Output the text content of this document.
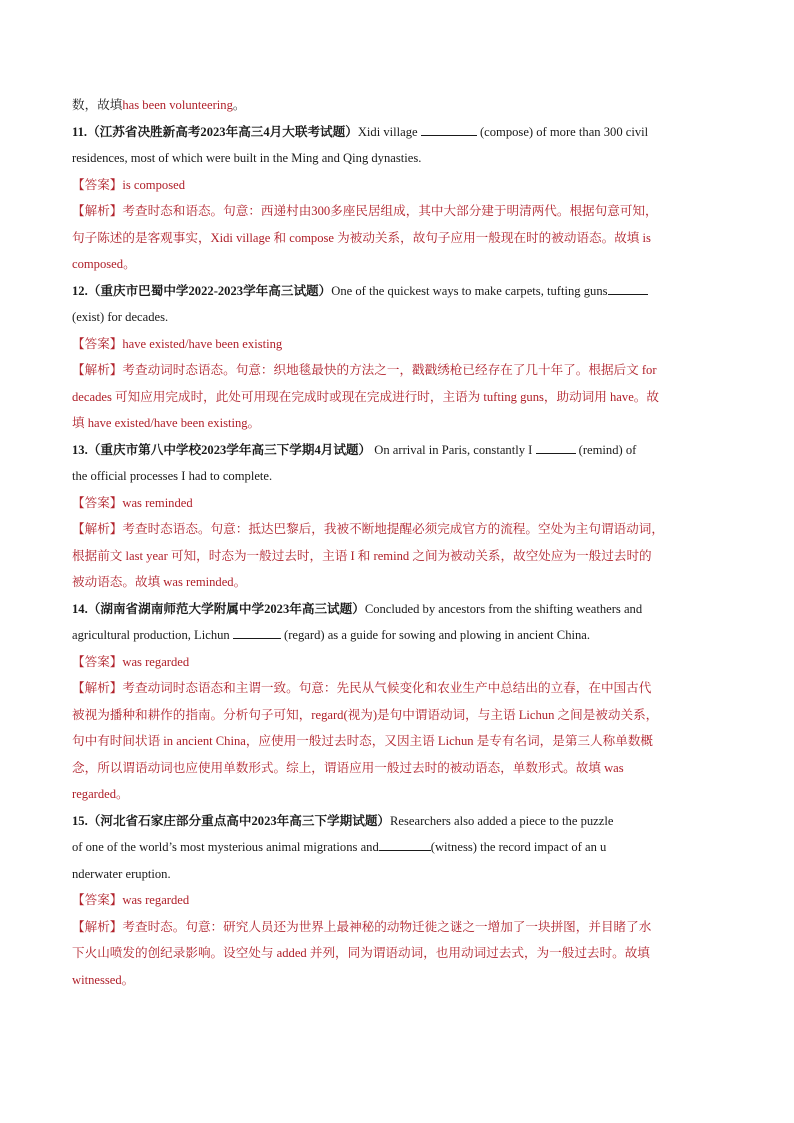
数，故填has been volunteering。
11.（江苏省决胜新高考2023年高三4月大联考试题）Xidi village	(compose) of more than 300 civil
residences, most of which were built in the Ming and Qing dynasties.
【答案】is composed
【解析】考查时态和语态。句意：西递村由300多座民居组成，其中大部分建于明清两代。根据句意可知，
句子陈述的是客观事实，Xidi village 和 compose 为被动关系，故句子应用一般现在时的被动语态。故填 is
composed。
12.（重庆市巴蜀中学2022-2023学年高三试题）One of the quickest ways to make carpets, tufting guns
(exist) for decades.
【答案】have existed/have been existing
【解析】考查动词时态语态。句意：织地毯最快的方法之一，戳戳绣枪已经存在了几十年了。根据后文 for
decades 可知应用完成时，此处可用现在完成时或现在完成进行时，主语为 tufting guns，助动词用 have。故
填 have existed/have been existing。
13.（重庆市第八中学校2023学年高三下学期4月试题） On arrival in Paris, constantly I	(remind) of
the official processes I had to complete.
【答案】was reminded
【解析】考查时态语态。句意：抵达巴黎后，我被不断地提醒必须完成官方的流程。空处为主句谓语动词，
根据前文 last year 可知，时态为一般过去时，主语 I 和 remind 之间为被动关系，故空处应为一般过去时的
被动语态。故填 was reminded。
14.（湖南省湖南师范大学附属中学2023年高三试题）Concluded by ancestors from the shifting weathers and
agricultural production, Lichun	(regard) as a guide for sowing and plowing in ancient China.
【答案】was regarded
【解析】考查动词时态语态和主谓一致。句意：先民从气候变化和农业生产中总结出的立春，在中国古代
被视为播种和耕作的指南。分析句子可知，regard(视为)是句中谓语动词，与主语 Lichun 之间是被动关系，
句中有时间状语 in ancient China，应使用一般过去时态，又因主语 Lichun 是专有名词，是第三人称单数概
念，所以谓语动词也应使用单数形式。综上，谓语应用一般过去时的被动语态，单数形式。故填 was
regarded。
15.（河北省石家庄部分重点高中2023年高三下学期试题）Researchers also added a piece to the puzzle
of one of the world’s most mysterious animal migrations and	(witness) the record impact of an u
nderwater eruption.
【答案】was regarded
【解析】考查时态。句意：研究人员还为世界上最神秘的动物迁徙之谜之一增加了一块拼图，并目睹了水
下火山喷发的创纪录影响。设空处与 added 并列，同为谓语动词，也用动词过去式，为一般过去时。故填
witnessed。
